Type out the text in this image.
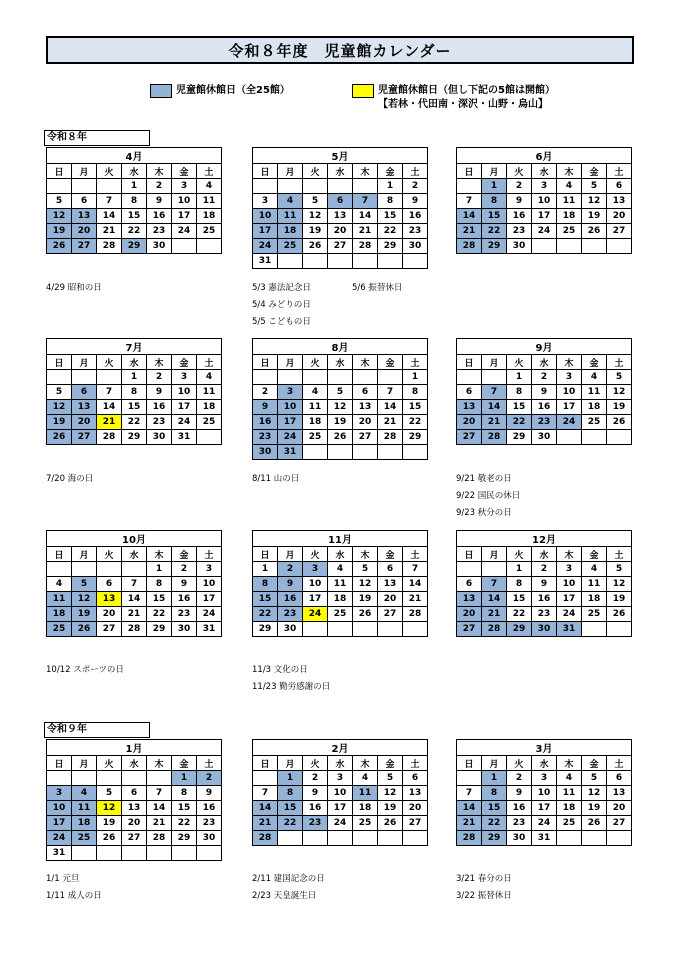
令和８年度　児童館カレンダー
児童館休館日（全25館）	児童館休館日（但し下記の5館は開館）
【若林・代田南・深沢・山野・烏山】
令和８年
令和９年
4月						
日	月	火	水	木	金	土
			1	2	3	4
5	6	7	8	9	10	11
12	13	14	15	16	17	18
19	20	21	22	23	24	25
26	27	28	29	30		
4/29 昭和の日
5月						
日	月	火	水	木	金	土
					1	2
3	4	5	6	7	8	9
10	11	12	13	14	15	16
17	18	19	20	21	22	23
24	25	26	27	28	29	30
31						
5/3 憲法記念日
5/4 みどりの日
5/5 こどもの日
5/6 振替休日
6月						
日	月	火	水	木	金	土
	1	2	3	4	5	6
7	8	9	10	11	12	13
14	15	16	17	18	19	20
21	22	23	24	25	26	27
28	29	30				
7月						
日	月	火	水	木	金	土
			1	2	3	4
5	6	7	8	9	10	11
12	13	14	15	16	17	18
19	20	21	22	23	24	25
26	27	28	29	30	31	
7/20 海の日
8月						
日	月	火	水	木	金	土
						1
2	3	4	5	6	7	8
9	10	11	12	13	14	15
16	17	18	19	20	21	22
23	24	25	26	27	28	29
30	31					
8/11 山の日
9月						
日	月	火	水	木	金	土
		1	2	3	4	5
6	7	8	9	10	11	12
13	14	15	16	17	18	19
20	21	22	23	24	25	26
27	28	29	30			
9/21 敬老の日
9/22 国民の休日
9/23 秋分の日
10月						
日	月	火	水	木	金	土
				1	2	3
4	5	6	7	8	9	10
11	12	13	14	15	16	17
18	19	20	21	22	23	24
25	26	27	28	29	30	31
10/12 スポーツの日
11月						
日	月	火	水	木	金	土
1	2	3	4	5	6	7
8	9	10	11	12	13	14
15	16	17	18	19	20	21
22	23	24	25	26	27	28
29	30					
11/3 文化の日
11/23 勤労感謝の日
12月						
日	月	火	水	木	金	土
		1	2	3	4	5
6	7	8	9	10	11	12
13	14	15	16	17	18	19
20	21	22	23	24	25	26
27	28	29	30	31		
1月						
日	月	火	水	木	金	土
					1	2
3	4	5	6	7	8	9
10	11	12	13	14	15	16
17	18	19	20	21	22	23
24	25	26	27	28	29	30
31						
1/1 元旦
1/11 成人の日
2月						
日	月	火	水	木	金	土
	1	2	3	4	5	6
7	8	9	10	11	12	13
14	15	16	17	18	19	20
21	22	23	24	25	26	27
28						
2/11 建国記念の日
2/23 天皇誕生日
3月						
日	月	火	水	木	金	土
	1	2	3	4	5	6
7	8	9	10	11	12	13
14	15	16	17	18	19	20
21	22	23	24	25	26	27
28	29	30	31			
3/21 春分の日
3/22 振替休日
